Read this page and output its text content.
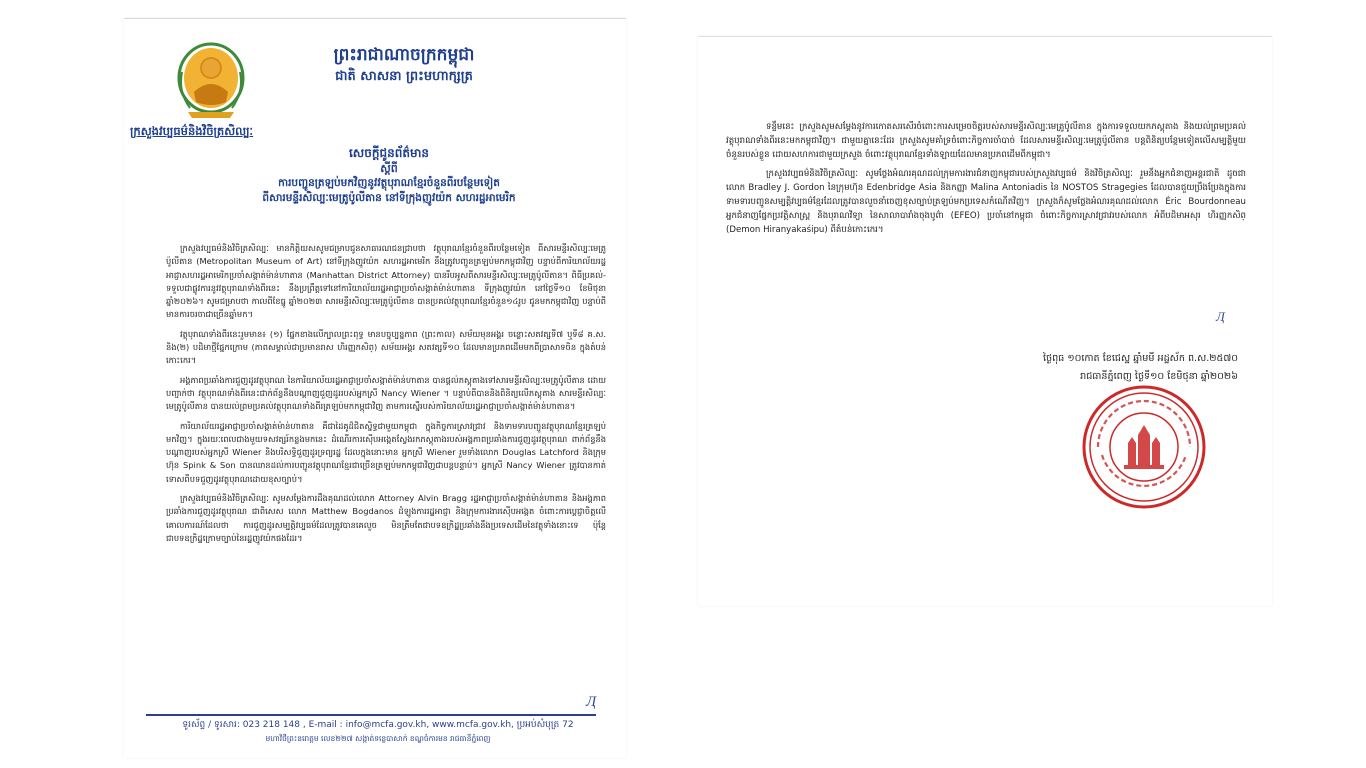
ព្រះរាជាណាចក្រកម្ពុជា
ជាតិ សាសនា ព្រះមហាក្សត្រ
ក្រសួងវប្បធម៌និងវិចិត្រសិល្បៈ
សេចក្តីជូនព័ត៌មាន
ស្តីពី
ការបញ្ជូនត្រឡប់មកវិញនូវវត្ថុបុរាណខ្មែរចំនួនពីរបន្ថែមទៀត
ពីសារមន្ទីរសិល្បៈមេត្រូប៉ូលីតាន នៅទីក្រុងញូវយ៉ក សហរដ្ឋអាមេរិក

ក្រសួងវប្បធម៌និងវិចិត្រសិល្បៈ មានកិត្តិយសសូមជម្រាបជូនសាធារណជនជ្រាបថា វត្ថុបុរាណខ្មែរចំនួនពីរបន្ថែមទៀត ពីសារមន្ទីរសិល្បៈមេត្រូប៉ូលីតាន (Metropolitan Museum of Art) នៅទីក្រុងញូវយ៉ក សហរដ្ឋអាមេរិក នឹងត្រូវបញ្ជូនត្រឡប់មកកម្ពុជាវិញ បន្ទាប់ពីការិយាល័យរដ្ឋអាជ្ញាសហរដ្ឋអាមេរិកប្រចាំសង្កាត់ម៉ាន់ហាតាន (Manhattan District Attorney) បានរឹបអូសពីសារមន្ទីរសិល្បៈមេត្រូប៉ូលីតាន។ ពិធីប្រគល់-ទទួលជាផ្លូវការនូវវត្ថុបុរាណទាំងពីរនេះ នឹងប្រព្រឹត្តទៅនៅការិយាល័យរដ្ឋអាជ្ញាប្រចាំសង្កាត់ម៉ាន់ហាតាន ទីក្រុងញូវយ៉ក នៅថ្ងៃទី១០ ខែមិថុនា ឆ្នាំ២០២៦។ សូមជម្រាបថា កាលពីខែធ្នូ ឆ្នាំ២០២៣ សារមន្ទីរសិល្បៈមេត្រូប៉ូលីតាន បានប្រគល់វត្ថុបុរាណខ្មែរចំនួន១៤រូប ជូនមកកម្ពុជាវិញ បន្ទាប់ពីមានការចរចាជាច្រើនឆ្នាំមក។

វត្ថុបុរាណទាំងពីរនេះរួមមាន៖ (១) ផ្នែកខាងលើក្បាលព្រះពុទ្ធ មានបច្ចុប្បន្នភាព (ព្រះកាល) សម័យមុនអង្គរ ចន្លោះសតវត្សទី៧ ឬទី៨ គ.ស. និង(២) បដិមាថ្មីផ្នែកក្រោម (ភាពសម្គាល់ជាប្រមានរាស ហិរញ្ញកសិព្) សម័យអង្គរ សតវត្សទី១០ ដែលមានប្រភពដើមមកពីប្រាសាទចិន ក្នុងតំបន់កោះកេរ។

អង្គភាពប្រឆាំងការជួញដូរវត្ថុបុរាណ នៃការិយាល័យរដ្ឋអាជ្ញាប្រចាំសង្កាត់ម៉ាន់ហាតាន បានផ្តល់ភស្តុតាងទៅសារមន្ទីរសិល្បៈមេត្រូប៉ូលីតាន ដោយបញ្ជាក់ថា វត្ថុបុរាណទាំងពីរនេះជាក់ព័ន្ធនឹងបណ្តាញជួញដូររបស់អ្នកស្រី Nancy Wiener ។ បន្ទាប់ពីបាននិងពិនិត្យលើភស្តុតាង សារមន្ទីរសិល្បៈមេត្រូប៉ូលីតាន បានយល់ព្រមប្រគល់វត្ថុបុរាណទាំងពីរត្រឡប់មកកម្ពុជាវិញ តាមការស្នើរបស់ការិយាល័យរដ្ឋអាជ្ញាប្រចាំសង្កាត់ម៉ាន់ហាតាន។

ការិយាល័យរដ្ឋអាជ្ញាប្រចាំសង្កាត់ម៉ាន់ហាតាន គឺជាដៃគូដ៏ជិតស្និទ្ធជាមួយកម្ពុជា ក្នុងកិច្ចការស្រាវជ្រាវ និងទាមទារបញ្ជូនវត្ថុបុរាណខ្មែរត្រឡប់មកវិញ។ ក្នុងរយៈពេលជាងមួយទសវត្សរ៍កន្លងមកនេះ ដំណើរការស៊ើបអង្កេតស្វែងរកភស្តុតាងរបស់អង្គភាពប្រឆាំងការជួញដូរវត្ថុបុរាណ ពាក់ព័ន្ធនឹងបណ្តាញរបស់អ្នកស្រី Wiener និងបរិសទ្ធិជួញដូរទ្រព្យរដ្ឋ ដែលក្នុងនោះមាន អ្នកស្រី Wiener រួមទាំងលោក Douglas Latchford និងក្រុមហ៊ុន Spink & Son បានឈានដល់ការបញ្ជូនវត្ថុបុរាណខ្មែរជាច្រើនត្រឡប់មកកម្ពុជាវិញជាបន្តបន្ទាប់។ អ្នកស្រី Nancy Wiener ត្រូវបានកាត់ទោសពីបទជួញដូរវត្ថុបុរាណដោយខុសច្បាប់។

ក្រសួងវប្បធម៌និងវិចិត្រសិល្បៈ សូមសម្តែងការដឹងគុណដល់លោក Attorney Alvin Bragg រដ្ឋអាជ្ញាប្រចាំសង្កាត់ម៉ាន់ហាតាន និងអង្គភាពប្រឆាំងការជួញដូរវត្ថុបុរាណ ជាពិសេស លោក Matthew Bogdanos ដំឡូងការរដ្ឋអាជ្ញា និងក្រុមការងារស៊ើបអង្កេត ចំពោះការប្តេជ្ញាចិត្តលើគោលការណ៍ដែលថា ការជួញដូរសម្បត្តិវប្បធម៌ដែលត្រូវបានគេលួច មិនត្រឹមតែជាបទឧក្រិដ្ឋប្រឆាំងនឹងប្រទេសដើមនៃវត្ថុទាំងនោះទេ ប៉ុន្តែជាបទឧក្រិដ្ឋក្រោមច្បាប់នៃរដ្ឋញូវយ៉កផងដែរ។

Ӆ
ទូរស័ព្ទ / ទូរសារ: 023 218 148 , E-mail : info@mcfa.gov.kh, www.mcfa.gov.kh, ប្រអប់សំបុត្រ 72
មហាវិថីព្រះនរោត្តម លេខ២២៧ សង្កាត់ទន្លេបាសាក់ ខណ្ឌចំការមន រាជធានីភ្នំពេញ

ទន្ទឹមនេះ ក្រសួងសូមសម្តែងនូវការកោតសរសើរចំពោះការសម្រេចចិត្តរបស់សារមន្ទីរសិល្បៈមេត្រូប៉ូលីតាន ក្នុងការទទួលយកភស្តុតាង និងយល់ព្រមប្រគល់វត្ថុបុរាណទាំងពីរនេះមកកម្ពុជាវិញ។ ជាមួយគ្នានេះដែរ ក្រសួងសូមគាំទ្រចំពោះកិច្ចការចាំបាច់ ដែលសារមន្ទីរសិល្បៈមេត្រូប៉ូលីតាន បន្តពិនិត្យបន្ថែមទៀតលើសម្បត្តិមួយចំនួនរបស់ខ្លួន ដោយសហការជាមួយក្រសួង ចំពោះវត្ថុបុរាណខ្មែរទាំងឡាយដែលមានប្រភពដើមពីកម្ពុជា។

ក្រសួងវប្បធម៌និងវិចិត្រសិល្បៈ សូមថ្លែងអំណរគុណដល់ក្រុមការងារជំនាញកម្ពុជារបស់ក្រសួងវប្បធម៌ និងវិចិត្រសិល្បៈ រួមនឹងអ្នកជំនាញអន្តរជាតិ ដូចជា លោក Bradley J. Gordon នៃក្រុមហ៊ុន Edenbridge Asia និងកញ្ញា Malina Antoniadis នៃ NOSTOS Stragegies ដែលបានជួយប្រឹងប្រែងក្នុងការទាមទារបញ្ជូនសម្បត្តិវប្បធម៌ខ្មែរដែលត្រូវបានលួចនាំចេញខុសច្បាប់ត្រឡប់មកប្រទេសកំណើតវិញ។ ក្រសួងក៏សូមថ្លែងអំណរគុណដល់លោក Éric Bourdonneau អ្នកជំនាញផ្នែកប្រវត្តិសាស្ត្រ និងបុរាណវិទ្យា នៃសាលាបារាំងចុងបូព៌ា (EFEO) ប្រចាំនៅកម្ពុជា ចំពោះកិច្ចការស្រាវជ្រាវរបស់លោក អំពីបដិមាអសុរ ហិរញ្ញកសិព្ (Demon Hiranyakaśipu) ពីតំបន់កោះកេរ។

Ӆ
ថ្ងៃពុធ ១០កោត ខែជេស្ឋ ឆ្នាំមមី អដ្ឋស័ក ព.ស.២៥៧០
រាជធានីភ្នំពេញ ថ្ងៃទី១០ ខែមិថុនា ឆ្នាំ២០២៦
